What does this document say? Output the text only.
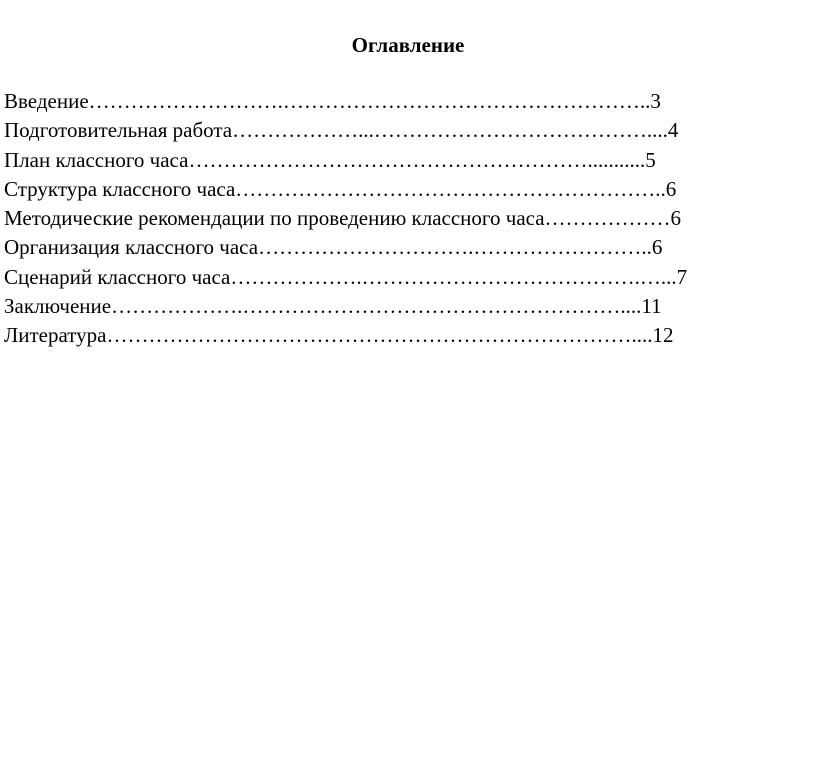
Оглавление
Введение……………………….……………………………………………..3
Подготовительная работа………………...…………………………………....4
План классного часа…………………………………………………...........5
Структура классного часа……………………………………………………..6
Методические рекомендации по проведению классного часа………………6
Организация классного часа………………………….……………………..6
Сценарий классного часа……………….………………………………….…...7
Заключение……………….………………………………………………....11
Литература…………………………………………………………………....12
